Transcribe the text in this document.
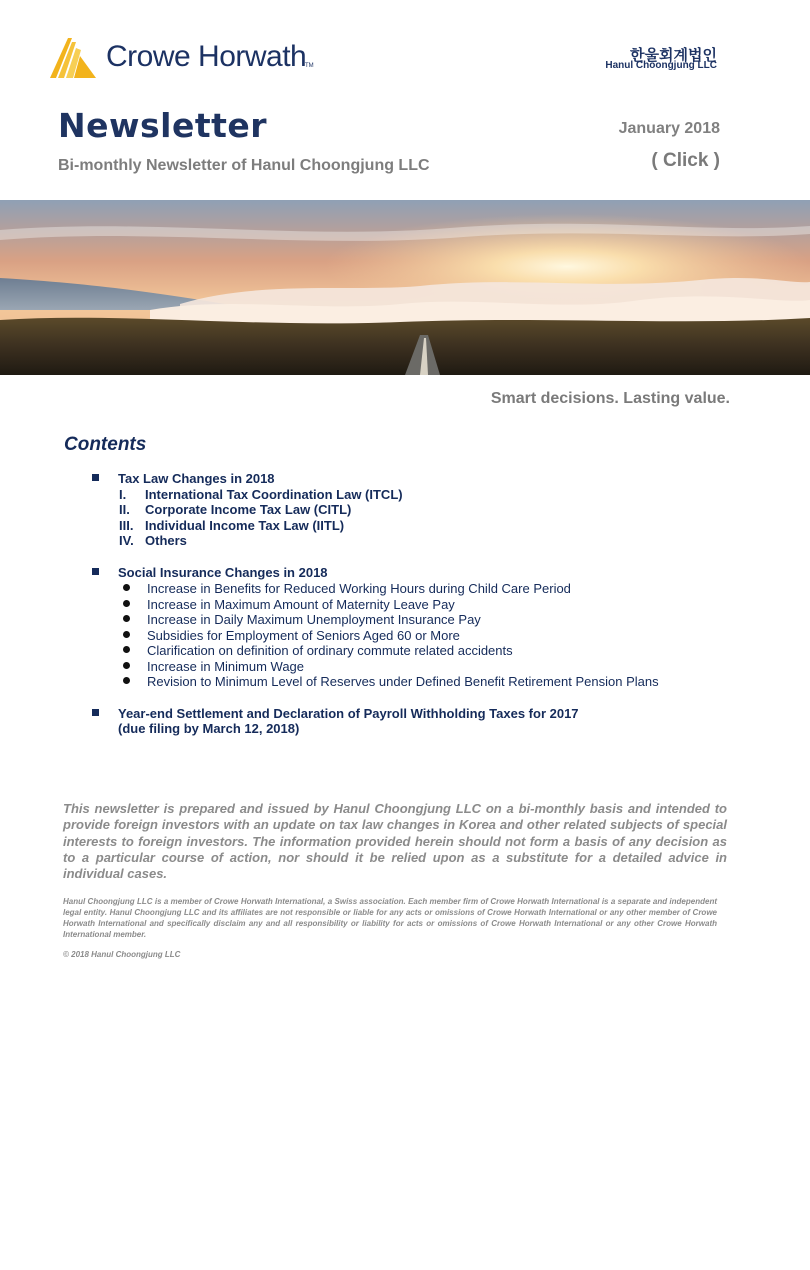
Crowe Horwath
TM
한울회계법인
Hanul Choongjung LLC
Newsletter
Bi-monthly Newsletter of Hanul Choongjung LLC
January 2018
( Click )
Smart decisions. Lasting value.
Contents
Tax Law Changes in 2018
I. International Tax Coordination Law (ITCL)
II. Corporate Income Tax Law (CITL)
III. Individual Income Tax Law (IITL)
IV. Others
Social Insurance Changes in 2018
Increase in Benefits for Reduced Working Hours during Child Care Period
Increase in Maximum Amount of Maternity Leave Pay
Increase in Daily Maximum Unemployment Insurance Pay
Subsidies for Employment of Seniors Aged 60 or More
Clarification on definition of ordinary commute related accidents
Increase in Minimum Wage
Revision to Minimum Level of Reserves under Defined Benefit Retirement Pension Plans
Year-end Settlement and Declaration of Payroll Withholding Taxes for 2017
(due filing by March 12, 2018)
This newsletter is prepared and issued by Hanul Choongjung LLC on a bi-monthly basis and intended to provide foreign investors with an update on tax law changes in Korea and other related subjects of special interests to foreign investors. The information provided herein should not form a basis of any decision as to a particular course of action, nor should it be relied upon as a substitute for a detailed advice in individual cases.
Hanul Choongjung LLC is a member of Crowe Horwath International, a Swiss association. Each member firm of Crowe Horwath International is a separate and independent legal entity. Hanul Choongjung LLC and its affiliates are not responsible or liable for any acts or omissions of Crowe Horwath International or any other member of Crowe Horwath International and specifically disclaim any and all responsibility or liability for acts or omissions of Crowe Horwath International or any other Crowe Horwath International member.
© 2018 Hanul Choongjung LLC
